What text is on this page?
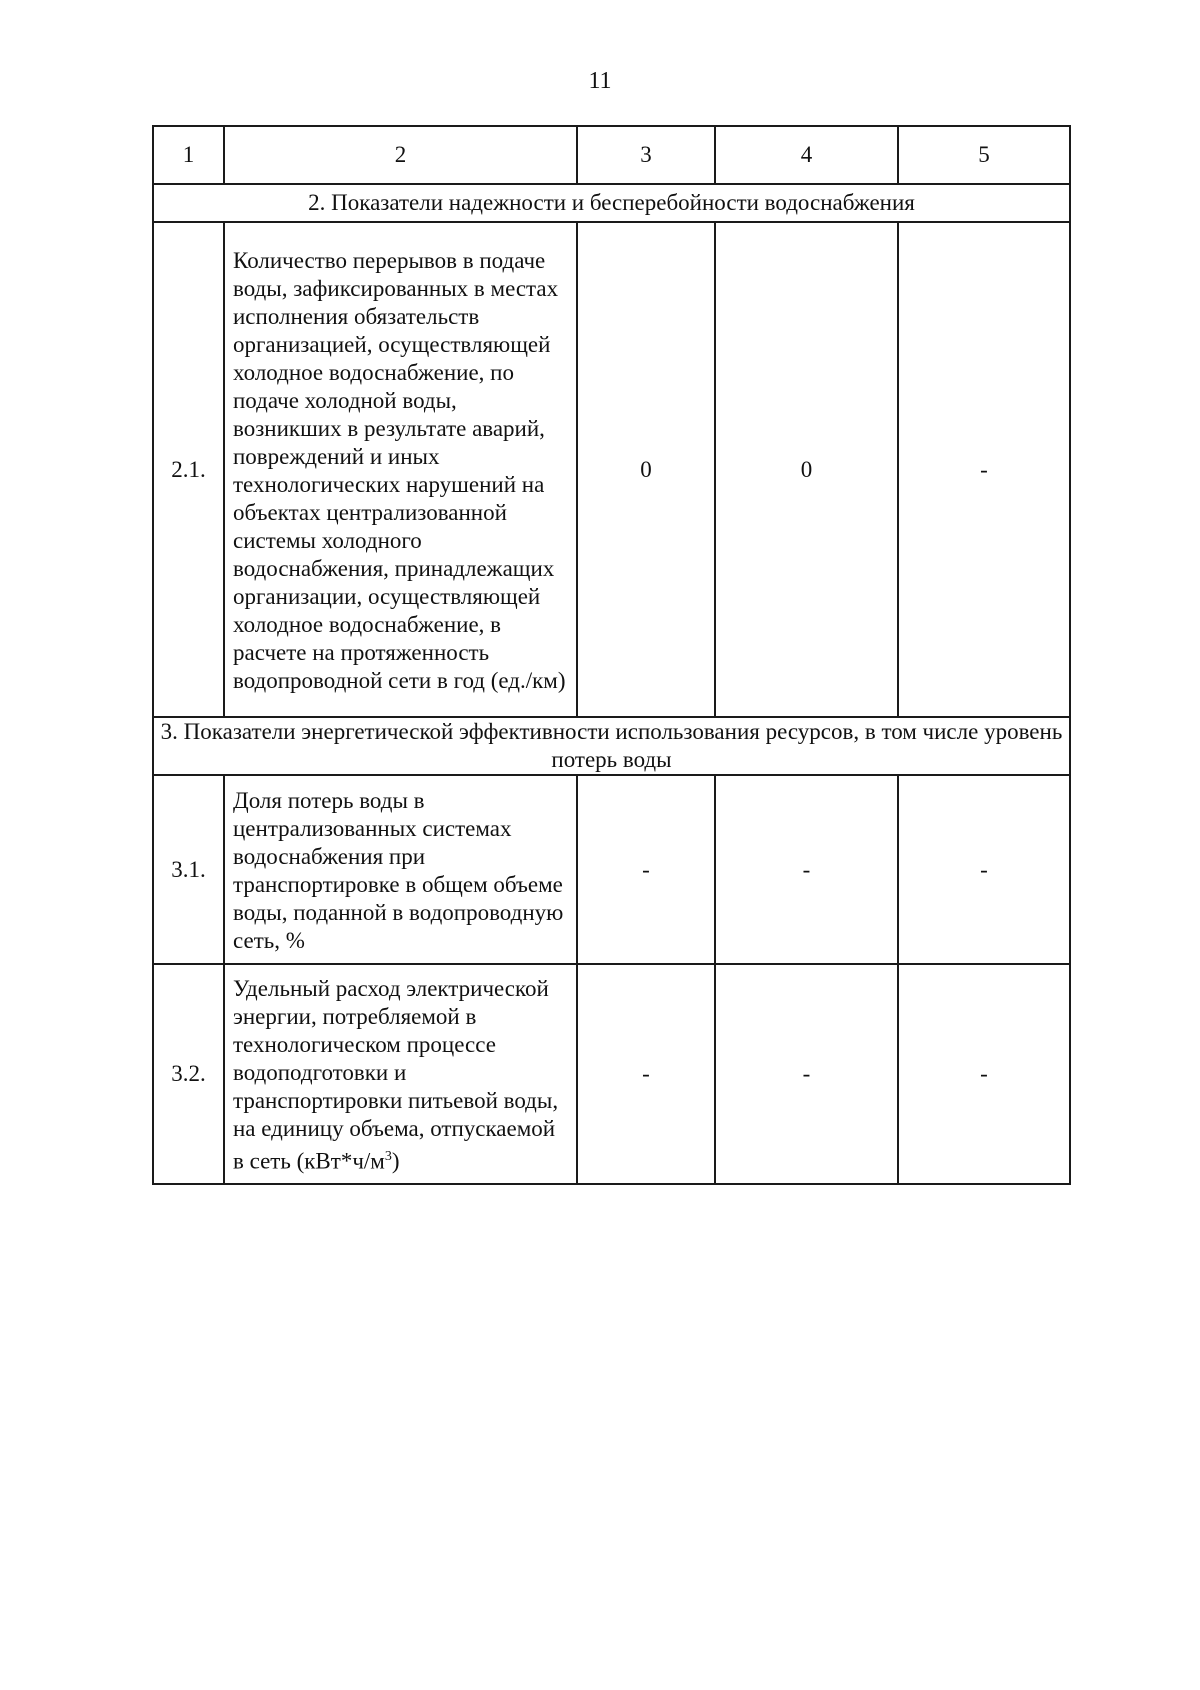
11
1	2	3	4	5
2. Показатели надежности и бесперебойности водоснабжения				
2.1.	Количество перерывов в подаче воды, зафиксированных в местах исполнения обязательств организацией, осуществляющей холодное водоснабжение, по подаче холодной воды, возникших в результате аварий, повреждений и иных технологических нарушений на объектах централизованной системы холодного водоснабжения, принадлежащих организации, осуществляющей холодное водоснабжение, в расчете на протяженность водопроводной сети в год (ед./км)	0	0	-
3. Показатели энергетической эффективности использования ресурсов, в том числе уровень потерь воды				
3.1.	Доля потерь воды в централизованных системах водоснабжения при транспортировке в общем объеме воды, поданной в водопроводную сеть, %	-	-	-
3.2.	Удельный расход электрической энергии, потребляемой в технологическом процессе водоподготовки и транспортировки питьевой воды, на единицу объема, отпускаемой в сеть $(кВт*ч/м^3)$	-	-	-
